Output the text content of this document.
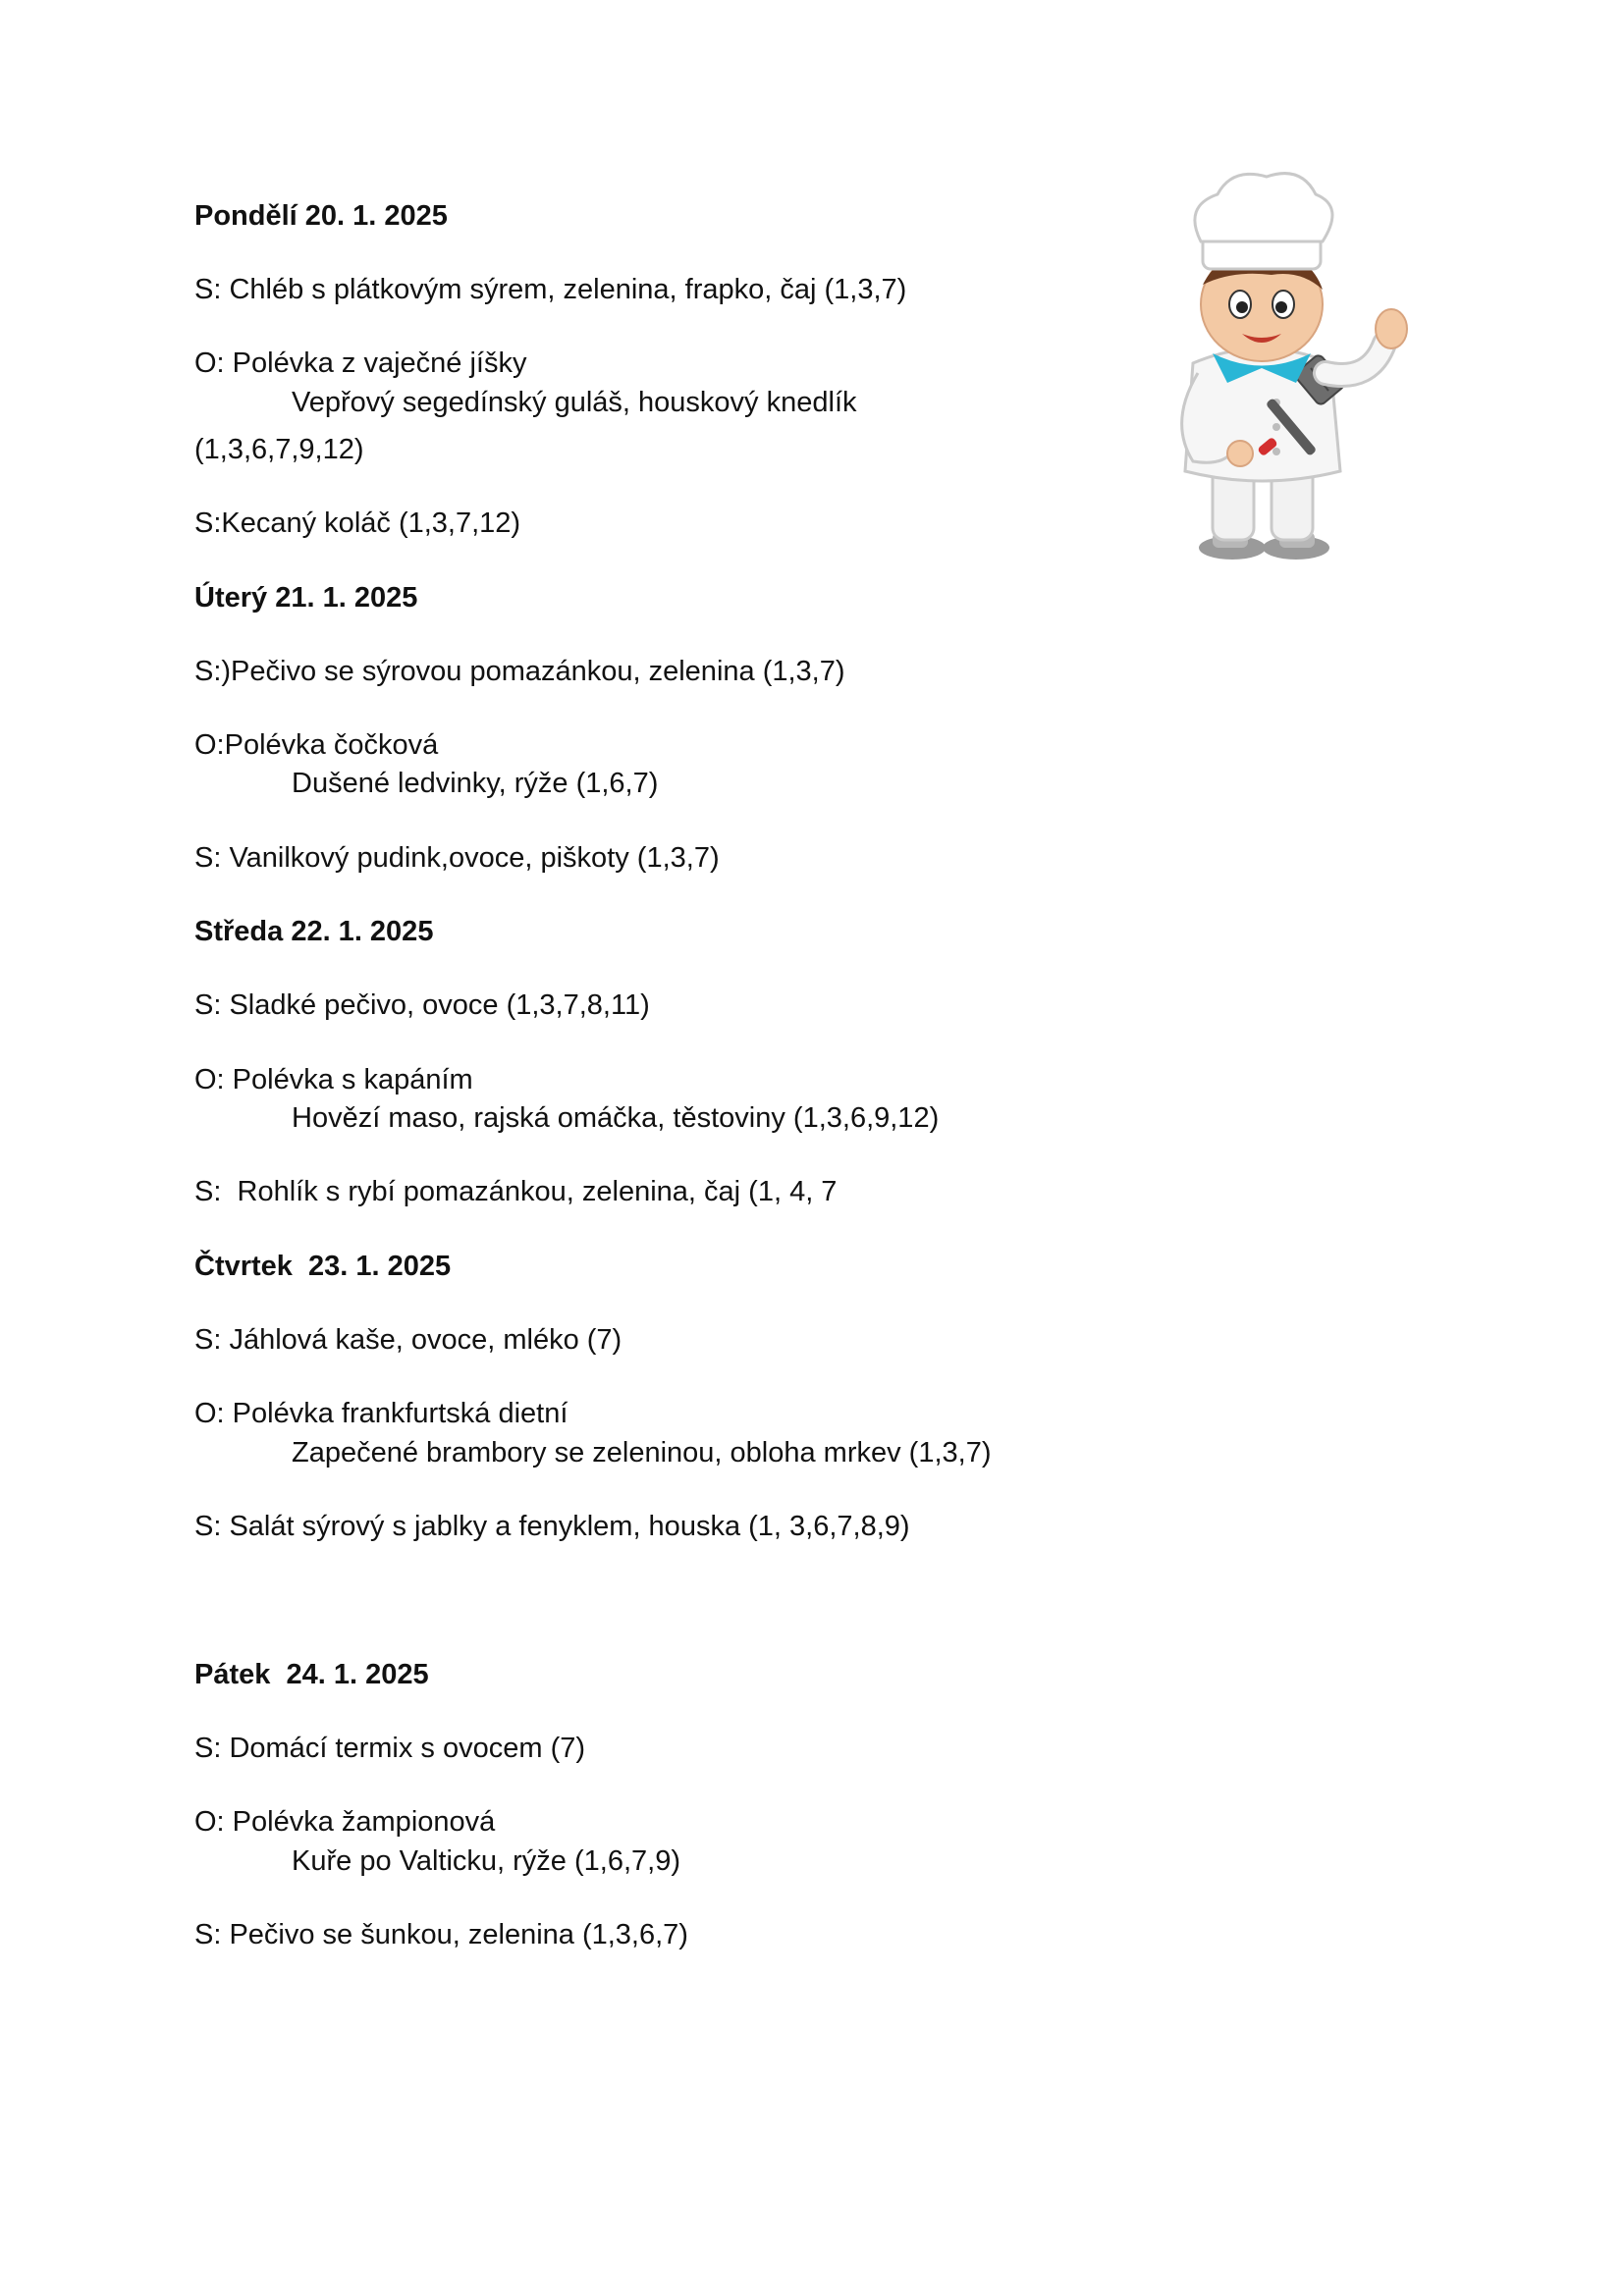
Pondělí 20. 1. 2025
S: Chléb s plátkovým sýrem, zelenina, frapko, čaj (1,3,7)
O: Polévka z vaječné jíšky
Vepřový segedínský guláš, houskový knedlík
(1,3,6,7,9,12)
S:Kecaný koláč (1,3,7,12)
Úterý 21. 1. 2025
S:)Pečivo se sýrovou pomazánkou, zelenina (1,3,7)
O:Polévka čočková
Dušené ledvinky, rýže (1,6,7)
S: Vanilkový pudink,ovoce, piškoty (1,3,7)
Středa 22. 1. 2025
S: Sladké pečivo, ovoce (1,3,7,8,11)
O: Polévka s kapáním
Hovězí maso, rajská omáčka, těstoviny (1,3,6,9,12)
S:  Rohlík s rybí pomazánkou, zelenina, čaj (1, 4, 7
Čtvrtek  23. 1. 2025
S: Jáhlová kaše, ovoce, mléko (7)
O: Polévka frankfurtská dietní
Zapečené brambory se zeleninou, obloha mrkev (1,3,7)
S: Salát sýrový s jablky a fenyklem, houska (1, 3,6,7,8,9)
Pátek  24. 1. 2025
S: Domácí termix s ovocem (7)
O: Polévka žampionová
Kuře po Valticku, rýže (1,6,7,9)
S: Pečivo se šunkou, zelenina (1,3,6,7)
